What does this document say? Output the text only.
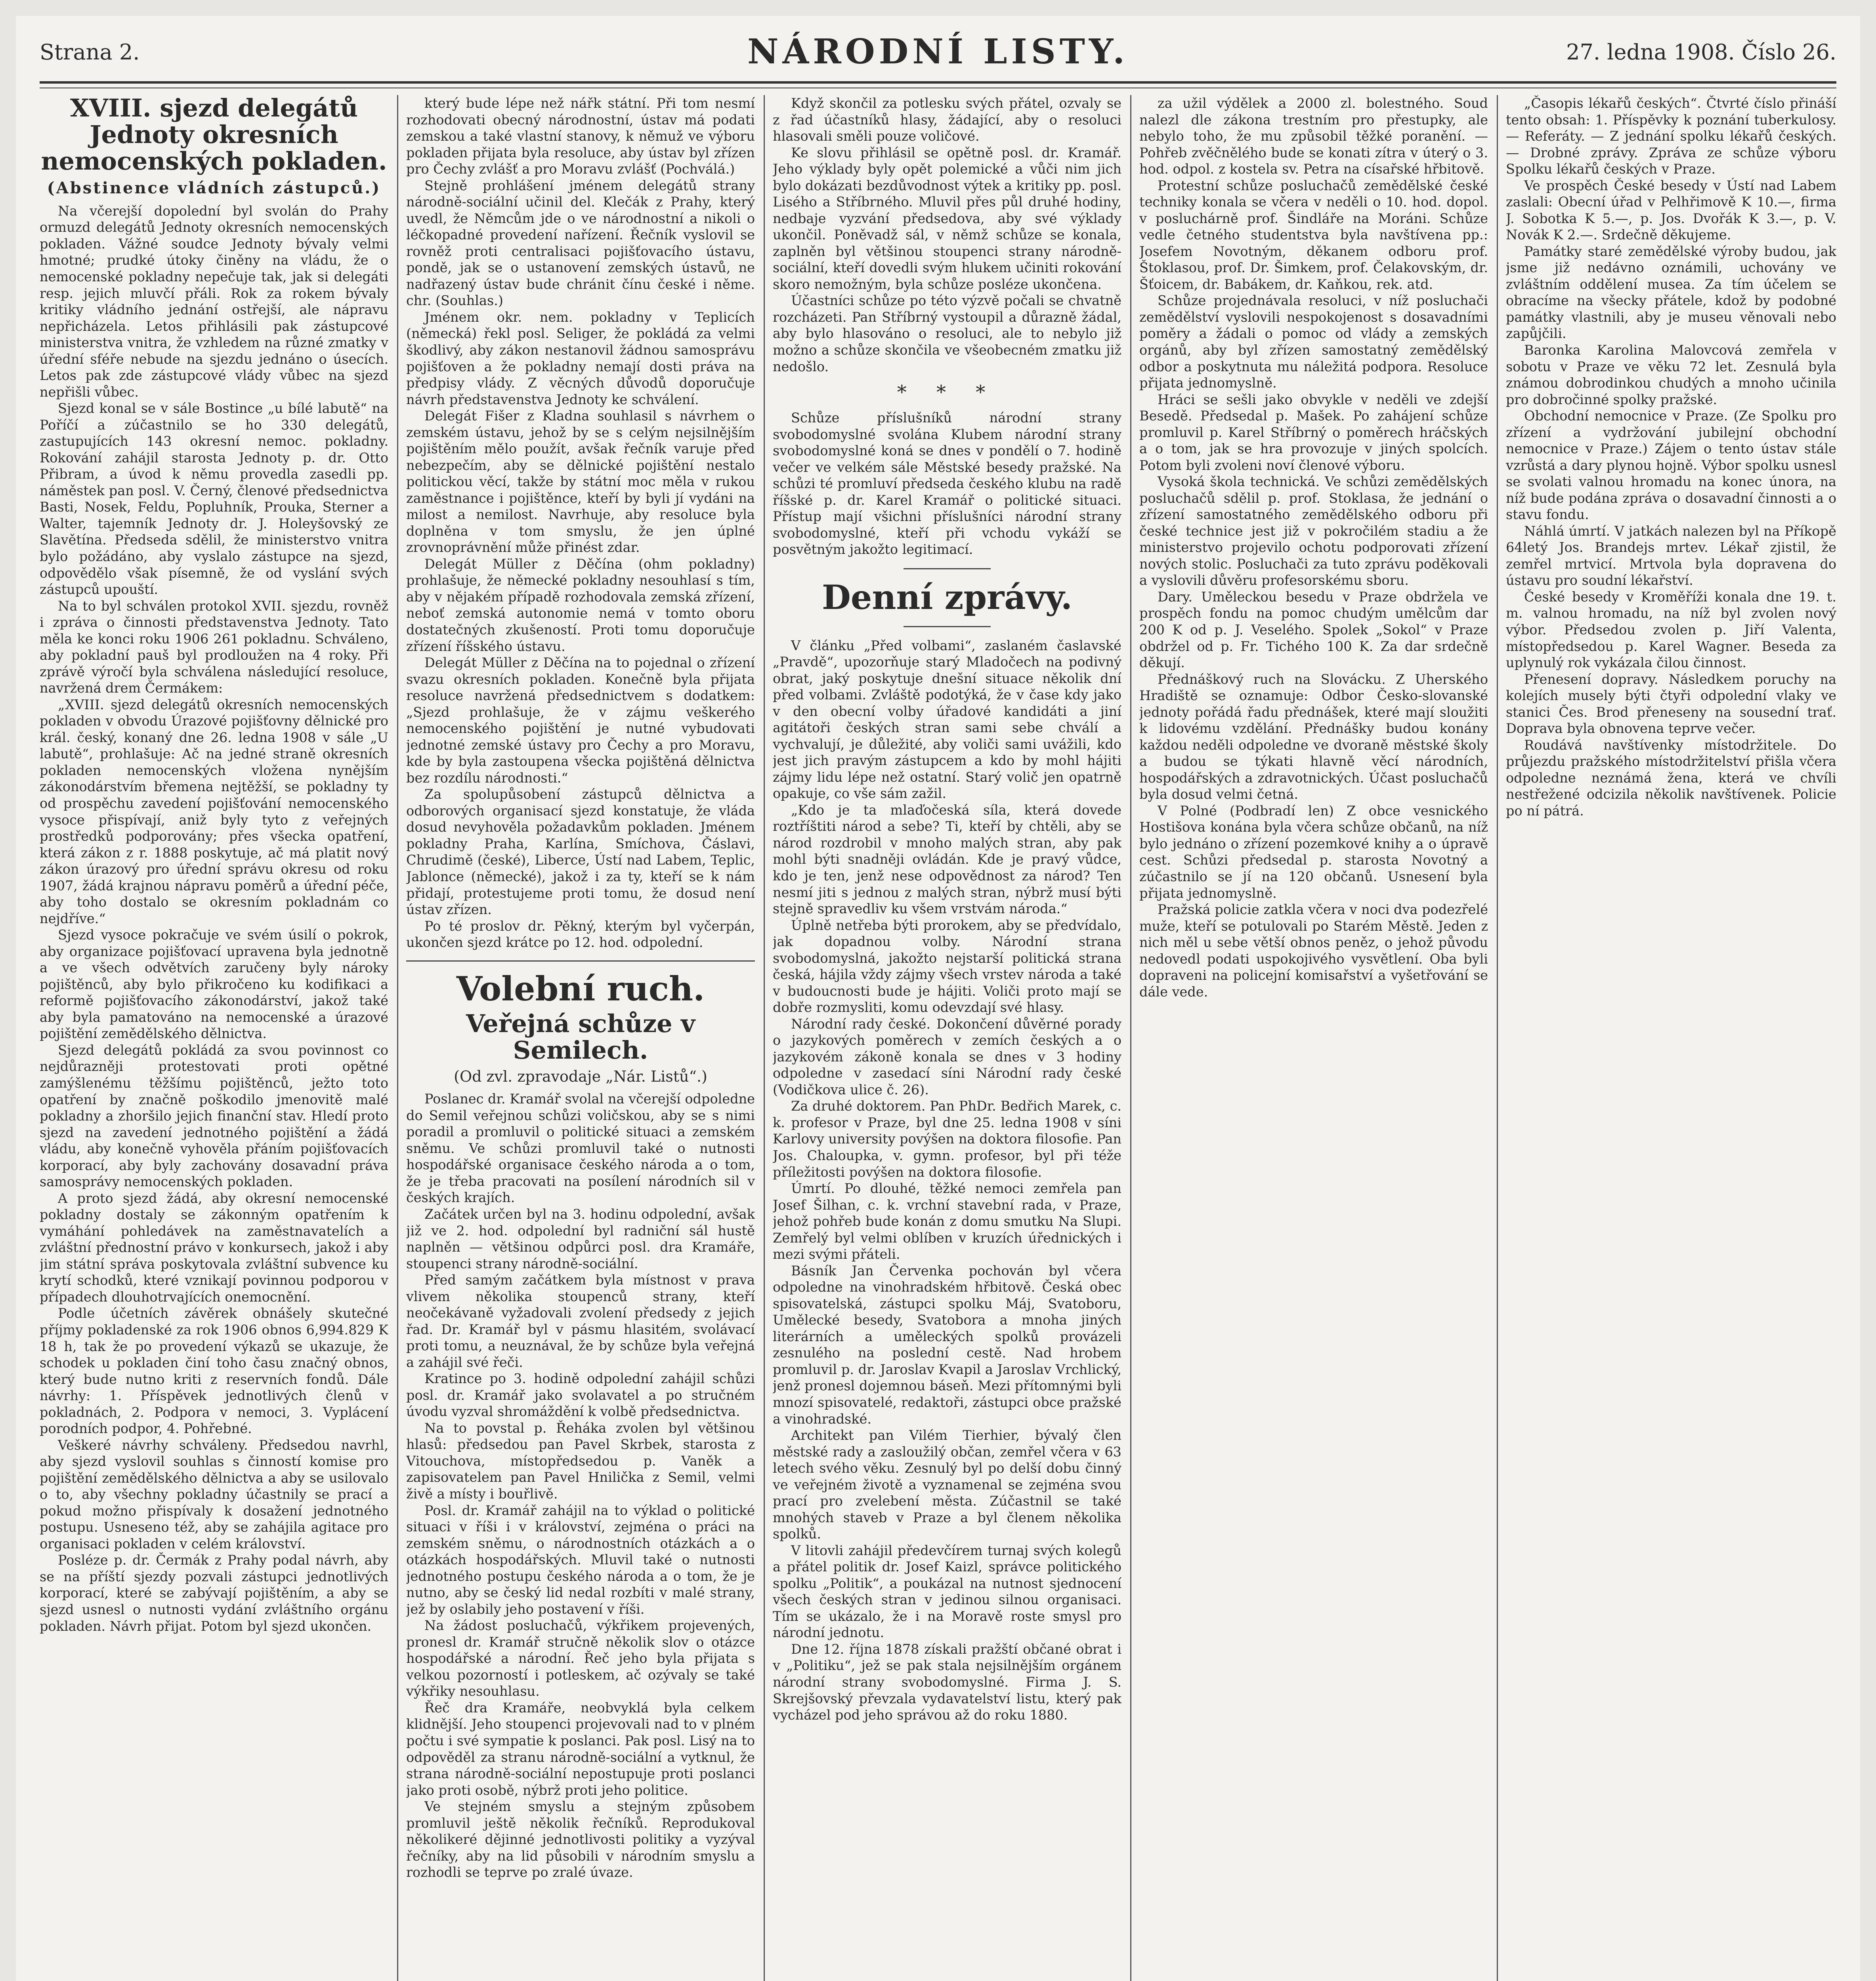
Strana 2.	NÁRODNÍ LISTY.	27. ledna 1908. Číslo 26.
XVIII. sjezd delegátů Jednoty okresních nemocenských pokladen.
(Abstinence vládních zástupců.)

Na včerejší dopolední byl svolán do Prahy ormuzd delegátů Jednoty okresních nemocenských pokladen. Vážné soudce Jednoty bývaly velmi hmotné; prudké útoky činěny na vládu, že o nemocenské pokladny nepečuje tak, jak si delegáti resp. jejich mluvčí přáli. Rok za rokem bývaly kritiky vládního jednání ostřejší, ale nápravu nepřicházela. Letos přihlásili pak zástupcové ministerstva vnitra, že vzhledem na různé zmatky v úřední sféře nebude na sjezdu jednáno o úsecích. Letos pak zde zástupcové vlády vůbec na sjezd nepřišli vůbec.

Sjezd konal se v sále Bostince „u bílé labutě“ na Poříčí a zúčastnilo se ho 330 delegátů, zastupujících 143 okresní nemoc. pokladny. Rokování zahájil starosta Jednoty p. dr. Otto Přibram, a úvod k němu provedla zasedli pp. náměstek pan posl. V. Černý, členové předsednictva Basti, Nosek, Feldu, Popluhník, Prouka, Sterner a Walter, tajemník Jednoty dr. J. Holeyšovský ze Slavětína. Předseda sdělil, že ministerstvo vnitra bylo požádáno, aby vyslalo zástupce na sjezd, odpovědělo však písemně, že od vyslání svých zástupců upouští.

Na to byl schválen protokol XVII. sjezdu, rovněž i zpráva o činnosti představenstva Jednoty. Tato měla ke konci roku 1906 261 pokladnu. Schváleno, aby pokladní pauš byl prodloužen na 4 roky. Při zprávě výročí byla schválena následující resoluce, navržená drem Čermákem:

„XVIII. sjezd delegátů okresních nemocenských pokladen v obvodu Úrazové pojišťovny dělnické pro král. český, konaný dne 26. ledna 1908 v sále „U labutě“, prohlašuje: Ač na jedné straně okresních pokladen nemocenských vložena nynějším zákonodárstvím břemena nejtěžší, se pokladny ty od prospěchu zavedení pojišťování nemocenského vysoce přispívají, aniž byly tyto z veřejných prostředků podporovány; přes všecka opatření, která zákon z r. 1888 poskytuje, ač má platit nový zákon úrazový pro úřední správu okresu od roku 1907, žádá krajnou nápravu poměrů a úřední péče, aby toho dostalo se okresním pokladnám co nejdříve.“

Sjezd vysoce pokračuje ve svém úsilí o pokrok, aby organizace pojišťovací upravena byla jednotně a ve všech odvětvích zaručeny byly nároky pojištěnců, aby bylo přikročeno ku kodifikaci a reformě pojišťovacího zákonodárství, jakož také aby byla pamatováno na nemocenské a úrazové pojištění zemědělského dělnictva.

Sjezd delegátů pokládá za svou povinnost co nejdůrazněji protestovati proti opětné zamýšlenému těžšímu pojištěnců, ježto toto opatření by značně poškodilo jmenovitě malé pokladny a zhoršilo jejich finanční stav. Hledí proto sjezd na zavedení jednotného pojištění a žádá vládu, aby konečně vyhověla přáním pojišťovacích korporací, aby byly zachovány dosavadní práva samosprávy nemocenských pokladen.

A proto sjezd žádá, aby okresní nemocenské pokladny dostaly se zákonným opatřením k vymáhání pohledávek na zaměstnavatelích a zvláštní přednostní právo v konkursech, jakož i aby jim státní správa poskytovala zvláštní subvence ku krytí schodků, které vznikají povinnou podporou v případech dlouhotrvajících onemocnění.

Podle účetních závěrek obnášely skutečné příjmy pokladenské za rok 1906 obnos 6,994.829 K 18 h, tak že po provedení výkazů se ukazuje, že schodek u pokladen činí toho času značný obnos, který bude nutno kriti z reservních fondů. Dále návrhy: 1. Příspěvek jednotlivých členů v pokladnách, 2. Podpora v nemoci, 3. Vyplácení porodních podpor, 4. Pohřebné.

Veškeré návrhy schváleny. Předsedou navrhl, aby sjezd vyslovil souhlas s činností komise pro pojištění zemědělského dělnictva a aby se usilovalo o to, aby všechny pokladny účastnily se prací a pokud možno přispívaly k dosažení jednotného postupu. Usneseno též, aby se zahájila agitace pro organisaci pokladen v celém království.

Posléze p. dr. Čermák z Prahy podal návrh, aby se na příští sjezdy pozvali zástupci jednotlivých korporací, které se zabývají pojištěním, a aby se sjezd usnesl o nutnosti vydání zvláštního orgánu pokladen. Návrh přijat. Potom byl sjezd ukončen.

který bude lépe než nářk státní. Při tom nesmí rozhodovati obecný národnostní, ústav má podati zemskou a také vlastní stanovy, k němuž ve výboru pokladen přijata byla resoluce, aby ústav byl zřízen pro Čechy zvlášť a pro Moravu zvlášť (Pochválá.)

Stejně prohlášení jménem delegátů strany národně-sociální učinil del. Klečák z Prahy, který uvedl, že Němcům jde o ve národnostní a nikoli o léčkopadné provedení nařízení. Řečník vyslovil se rovněž proti centralisaci pojišťovacího ústavu, pondě, jak se o ustanovení zemských ústavů, ne nadřazený ústav bude chránit čínu české i něme. chr. (Souhlas.)

Jménem okr. nem. pokladny v Teplicích (německá) řekl posl. Seliger, že pokládá za velmi škodlivý, aby zákon nestanovil žádnou samosprávu pojišťoven a že pokladny nemají dosti práva na předpisy vlády. Z věcných důvodů doporučuje návrh představenstva Jednoty ke schválení.

Delegát Fišer z Kladna souhlasil s návrhem o zemském ústavu, jehož by se s celým nejsilnějším pojištěním mělo použít, avšak řečník varuje před nebezpečím, aby se dělnické pojištění nestalo politickou věcí, takže by státní moc měla v rukou zaměstnance i pojištěnce, kteří by byli jí vydáni na milost a nemilost. Navrhuje, aby resoluce byla doplněna v tom smyslu, že jen úplné zrovnoprávnění může přinést zdar.

Delegát Müller z Děčína (ohm pokladny) prohlašuje, že německé pokladny nesouhlasí s tím, aby v nějakém případě rozhodovala zemská zřízení, neboť zemská autonomie nemá v tomto oboru dostatečných zkušeností. Proti tomu doporučuje zřízení říšského ústavu.

Delegát Müller z Děčína na to pojednal o zřízení svazu okresních pokladen. Konečně byla přijata resoluce navržená předsednictvem s dodatkem: „Sjezd prohlašuje, že v zájmu veškerého nemocenského pojištění je nutné vybudovati jednotné zemské ústavy pro Čechy a pro Moravu, kde by byla zastoupena všecka pojištěná dělnictva bez rozdílu národnosti.“

Za spolupůsobení zástupců dělnictva a odborových organisací sjezd konstatuje, že vláda dosud nevyhověla požadavkům pokladen. Jménem pokladny Praha, Karlína, Smíchova, Čáslavi, Chrudimě (české), Liberce, Ústí nad Labem, Teplic, Jablonce (německé), jakož i za ty, kteří se k nám přidají, protestujeme proti tomu, že dosud není ústav zřízen.

Po té proslov dr. Pěkný, kterým byl vyčerpán, ukončen sjezd krátce po 12. hod. odpolední.

Volební ruch.
Veřejná schůze v Semilech.
(Od zvl. zpravodaje „Nár. Listů“.)

Poslanec dr. Kramář svolal na včerejší odpoledne do Semil veřejnou schůzi voličskou, aby se s nimi poradil a promluvil o politické situaci a zemském sněmu. Ve schůzi promluvil také o nutnosti hospodářské organisace českého národa a o tom, že je třeba pracovati na posílení národních sil v českých krajích.

Začátek určen byl na 3. hodinu odpolední, avšak již ve 2. hod. odpolední byl radniční sál hustě naplněn — většinou odpůrci posl. dra Kramáře, stoupenci strany národně-sociální.

Před samým začátkem byla místnost v prava vlivem několika stoupenců strany, kteří neočekávaně vyžadovali zvolení předsedy z jejich řad. Dr. Kramář byl v pásmu hlasitém, svolávací proti tomu, a neuznával, že by schůze byla veřejná a zahájil své řeči.

Kratince po 3. hodině odpolední zahájil schůzi posl. dr. Kramář jako svolavatel a po stručném úvodu vyzval shromáždění k volbě předsednictva.

Na to povstal p. Řeháka zvolen byl většinou hlasů: předsedou pan Pavel Skrbek, starosta z Vitouchova, místopředsedou p. Vaněk a zapisovatelem pan Pavel Hnilička z Semil, velmi živě a místy i bouřlivě.

Posl. dr. Kramář zahájil na to výklad o politické situaci v říši i v království, zejména o práci na zemském sněmu, o národnostních otázkách a o otázkách hospodářských. Mluvil také o nutnosti jednotného postupu českého národa a o tom, že je nutno, aby se český lid nedal rozbíti v malé strany, jež by oslabily jeho postavení v říši.

Na žádost posluchačů, výkřikem projevených, pronesl dr. Kramář stručně několik slov o otázce hospodářské a národní. Řeč jeho byla přijata s velkou pozorností i potleskem, ač ozývaly se také výkřiky nesouhlasu.

Řeč dra Kramáře, neobvyklá byla celkem klidnější. Jeho stoupenci projevovali nad to v plném počtu i své sympatie k poslanci. Pak posl. Lisý na to odpověděl za stranu národně-sociální a vytknul, že strana národně-sociální nepostupuje proti poslanci jako proti osobě, nýbrž proti jeho politice.

Ve stejném smyslu a stejným způsobem promluvil ještě několik řečníků. Reprodukoval několikeré dějinné jednotlivosti politiky a vyzýval řečníky, aby na lid působili v národním smyslu a rozhodli se teprve po zralé úvaze.

Když skončil za potlesku svých přátel, ozvaly se z řad účastníků hlasy, žádající, aby o resoluci hlasovali směli pouze voličové.

Ke slovu přihlásil se opětně posl. dr. Kramář. Jeho výklady byly opět polemické a vůči nim jich bylo dokázati bezdůvodnost výtek a kritiky pp. posl. Lisého a Stříbrného. Mluvil přes půl druhé hodiny, nedbaje vyzvání předsedova, aby své výklady ukončil. Poněvadž sál, v němž schůze se konala, zaplněn byl většinou stoupenci strany národně-sociální, kteří dovedli svým hlukem učiniti rokování skoro nemožným, byla schůze posléze ukončena.

Účastníci schůze po této výzvě počali se chvatně rozcházeti. Pan Stříbrný vystoupil a důrazně žádal, aby bylo hlasováno o resoluci, ale to nebylo již možno a schůze skončila ve všeobecném zmatku již nedošlo.

* * *

Schůze příslušníků národní strany svobodomyslné svolána Klubem národní strany svobodomyslné koná se dnes v pondělí o 7. hodině večer ve velkém sále Městské besedy pražské. Na schůzi té promluví předseda českého klubu na radě říšské p. dr. Karel Kramář o politické situaci. Přístup mají všichni příslušníci národní strany svobodomyslné, kteří při vchodu vykáží se posvětným jakožto legitimací.

Denní zprávy.

V článku „Před volbami“, zaslaném časlavské „Pravdě“, upozorňuje starý Mladočech na podivný obrat, jaký poskytuje dnešní situace několik dní před volbami. Zvláště podotýká, že v čase kdy jako v den obecní volby úřadové kandidáti a jiní agitátoři českých stran sami sebe chválí a vychvalují, je důležité, aby voliči sami uvážili, kdo jest jich pravým zástupcem a kdo by mohl hájiti zájmy lidu lépe než ostatní. Starý volič jen opatrně opakuje, co vše sám zažil.

„Kdo je ta mlaďočeská síla, která dovede roztříštiti národ a sebe? Ti, kteří by chtěli, aby se národ rozdrobil v mnoho malých stran, aby pak mohl býti snadněji ovládán. Kde je pravý vůdce, kdo je ten, jenž nese odpovědnost za národ? Ten nesmí jiti s jednou z malých stran, nýbrž musí býti stejně spravedliv ku všem vrstvám národa.“

Úplně netřeba býti prorokem, aby se předvídalo, jak dopadnou volby. Národní strana svobodomyslná, jakožto nejstarší politická strana česká, hájila vždy zájmy všech vrstev národa a také v budoucnosti bude je hájiti. Voliči proto mají se dobře rozmysliti, komu odevzdají své hlasy.

Národní rady české. Dokončení důvěrné porady o jazykových poměrech v zemích českých a o jazykovém zákoně konala se dnes v 3 hodiny odpoledne v zasedací síni Národní rady české (Vodičkova ulice č. 26).

Za druhé doktorem. Pan PhDr. Bedřich Marek, c. k. profesor v Praze, byl dne 25. ledna 1908 v síni Karlovy university povýšen na doktora filosofie. Pan Jos. Chaloupka, v. gymn. profesor, byl při téže příležitosti povýšen na doktora filosofie.

Úmrtí. Po dlouhé, těžké nemoci zemřela pan Josef Šilhan, c. k. vrchní stavební rada, v Praze, jehož pohřeb bude konán z domu smutku Na Slupi. Zemřelý byl velmi oblíben v kruzích úřednických i mezi svými přáteli.

Básník Jan Červenka pochován byl včera odpoledne na vinohradském hřbitově. Česká obec spisovatelská, zástupci spolku Máj, Svatoboru, Umělecké besedy, Svatobora a mnoha jiných literárních a uměleckých spolků provázeli zesnulého na poslední cestě. Nad hrobem promluvil p. dr. Jaroslav Kvapil a Jaroslav Vrchlický, jenž pronesl dojemnou báseň. Mezi přítomnými byli mnozí spisovatelé, redaktoři, zástupci obce pražské a vinohradské.

Architekt pan Vilém Tierhier, bývalý člen městské rady a zasloužilý občan, zemřel včera v 63 letech svého věku. Zesnulý byl po delší dobu činný ve veřejném životě a vyznamenal se zejména svou prací pro zvelebení města. Zúčastnil se také mnohých staveb v Praze a byl členem několika spolků.

V litovli zahájil předevčírem turnaj svých kolegů a přátel politik dr. Josef Kaizl, správce politického spolku „Politik“, a poukázal na nutnost sjednocení všech českých stran v jedinou silnou organisaci. Tím se ukázalo, že i na Moravě roste smysl pro národní jednotu.

Dne 12. října 1878 získali pražští občané obrat i v „Politiku“, jež se pak stala nejsilnějším orgánem národní strany svobodomyslné. Firma J. S. Skrejšovský převzala vydavatelství listu, který pak vycházel pod jeho správou až do roku 1880.

za užil výdělek a 2000 zl. bolestného. Soud nalezl dle zákona trestním pro přestupky, ale nebylo toho, že mu způsobil těžké poranění. — Pohřeb zvěčnělého bude se konati zítra v úterý o 3. hod. odpol. z kostela sv. Petra na císařské hřbitově.

Protestní schůze posluchačů zemědělské české techniky konala se včera v neděli o 10. hod. dopol. v posluchárně prof. Šindláře na Moráni. Schůze vedle četného studentstva byla navštívena pp.: Josefem Novotným, děkanem odboru prof. Štoklasou, prof. Dr. Šimkem, prof. Čelakovským, dr. Šťoicem, dr. Babákem, dr. Kaňkou, rek. atd.

Schůze projednávala resoluci, v níž posluchači zemědělství vyslovili nespokojenost s dosavadními poměry a žádali o pomoc od vlády a zemských orgánů, aby byl zřízen samostatný zemědělský odbor a poskytnuta mu náležitá podpora. Resoluce přijata jednomyslně.

Hráci se sešli jako obvykle v neděli ve zdejší Besedě. Předsedal p. Mašek. Po zahájení schůze promluvil p. Karel Stříbrný o poměrech hráčských a o tom, jak se hra provozuje v jiných spolcích. Potom byli zvoleni noví členové výboru.

Vysoká škola technická. Ve schůzi zemědělských posluchačů sdělil p. prof. Stoklasa, že jednání o zřízení samostatného zemědělského odboru při české technice jest již v pokročilém stadiu a že ministerstvo projevilo ochotu podporovati zřízení nových stolic. Posluchači za tuto zprávu poděkovali a vyslovili důvěru profesorskému sboru.

Dary. Uměleckou besedu v Praze obdržela ve prospěch fondu na pomoc chudým umělcům dar 200 K od p. J. Veselého. Spolek „Sokol“ v Praze obdržel od p. Fr. Tichého 100 K. Za dar srdečně děkují.

Přednáškový ruch na Slovácku. Z Uherského Hradiště se oznamuje: Odbor Česko-slovanské jednoty pořádá řadu přednášek, které mají sloužiti k lidovému vzdělání. Přednášky budou konány každou neděli odpoledne ve dvoraně městské školy a budou se týkati hlavně věcí národních, hospodářských a zdravotnických. Účast posluchačů byla dosud velmi četná.

V Polné (Podbradí len) Z obce vesnického Hostišova konána byla včera schůze občanů, na níž bylo jednáno o zřízení pozemkové knihy a o úpravě cest. Schůzi předsedal p. starosta Novotný a zúčastnilo se jí na 120 občanů. Usnesení byla přijata jednomyslně.

Pražská policie zatkla včera v noci dva podezřelé muže, kteří se potulovali po Starém Městě. Jeden z nich měl u sebe větší obnos peněz, o jehož původu nedovedl podati uspokojivého vysvětlení. Oba byli dopraveni na policejní komisařství a vyšetřování se dále vede.

„Časopis lékařů českých“. Čtvrté číslo přináší tento obsah: 1. Příspěvky k poznání tuberkulosy. — Referáty. — Z jednání spolku lékařů českých. — Drobné zprávy. Zpráva ze schůze výboru Spolku lékařů českých v Praze.

Ve prospěch České besedy v Ústí nad Labem zaslali: Obecní úřad v Pelhřimově K 10.—, firma J. Sobotka K 5.—, p. Jos. Dvořák K 3.—, p. V. Novák K 2.—. Srdečně děkujeme.

Památky staré zemědělské výroby budou, jak jsme již nedávno oznámili, uchovány ve zvláštním oddělení musea. Za tím účelem se obracíme na všecky přátele, kdož by podobné památky vlastnili, aby je museu věnovali nebo zapůjčili.

Baronka Karolina Malovcová zemřela v sobotu v Praze ve věku 72 let. Zesnulá byla známou dobrodinkou chudých a mnoho učinila pro dobročinné spolky pražské.

Obchodní nemocnice v Praze. (Ze Spolku pro zřízení a vydržování jubilejní obchodní nemocnice v Praze.) Zájem o tento ústav stále vzrůstá a dary plynou hojně. Výbor spolku usnesl se svolati valnou hromadu na konec února, na níž bude podána zpráva o dosavadní činnosti a o stavu fondu.

Náhlá úmrtí. V jatkách nalezen byl na Příkopě 64letý Jos. Brandejs mrtev. Lékař zjistil, že zemřel mrtvicí. Mrtvola byla dopravena do ústavu pro soudní lékařství.

České besedy v Kroměříži konala dne 19. t. m. valnou hromadu, na níž byl zvolen nový výbor. Předsedou zvolen p. Jiří Valenta, místopředsedou p. Karel Wagner. Beseda za uplynulý rok vykázala čilou činnost.

Přenesení dopravy. Následkem poruchy na kolejích musely býti čtyři odpolední vlaky ve stanici Čes. Brod přeneseny na sousední trať. Doprava byla obnovena teprve večer.

Roudává navštívenky místodržitele. Do průjezdu pražského místodržitelství přišla včera odpoledne neznámá žena, která ve chvíli nestřežené odcizila několik navštívenek. Policie po ní pátrá.
